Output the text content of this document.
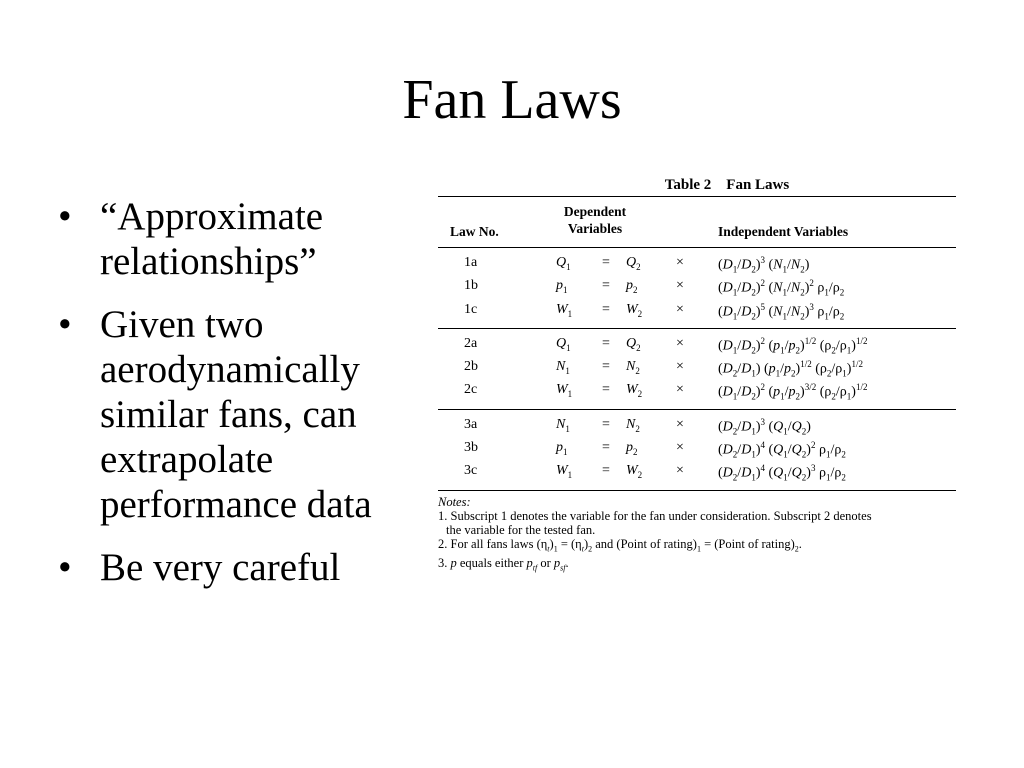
Fan Laws
• “Approximate relationships”
• Given two aerodynamically similar fans, can extrapolate performance data
• Be very careful
Table 2    Fan Laws
Law No.
Dependent
Variables	Independent Variables
1a	$Q_1 = Q_2$	× $(D_1/D_2)^3$ $(N_1/N_2)$
1b	$p_1 = p_2$	× $(D_1/D_2)^2$ $(N_1/N_2)^2$ $\rho_1/\rho_2$
1c	$W_1 = W_2 \times (D_1/D_2)^5$ $(N_1/N_2)^3$ $\rho_1/\rho_2$
2a	$Q_1 = Q_2$	× $(D_1/D_2)^2$ $(p_1/p_2)^{1/2}$ $(\rho_2/\rho_1)^{1/2}$
2b	$N_1 = N_2$	× $(D_2/D_1)$ $(p_1/p_2)^{1/2}$ $(\rho_2/\rho_1)^{1/2}$
2c	$W_1 = W_2 \times (D_1/D_2)^2$ $(p_1/p_2)^{3/2}$ $(\rho_2/\rho_1)^{1/2}$
3a	$N_1 = N_2$	× $(D_2/D_1)^3$ $(Q_1/Q_2)$
3b	$p_1 = p_2$	× $(D_2/D_1)^4$ $(Q_1/Q_2)^2$ $\rho_1/\rho_2$
3c	$W_1 = W_2 \times (D_2/D_1)^4$ $(Q_1/Q_2)^3$ $\rho_1/\rho_2$
Notes:
1. Subscript 1 denotes the variable for the fan under consideration. Subscript 2 denotes
the variable for the tested fan.
2. For all fans laws $(\eta_t)_1 = (\eta_t)_2$ and (Point of $rating)_1$ = (Point of $rating)_2$.
3. p equals either $p_{tf}$ or $p_{sf}$.
